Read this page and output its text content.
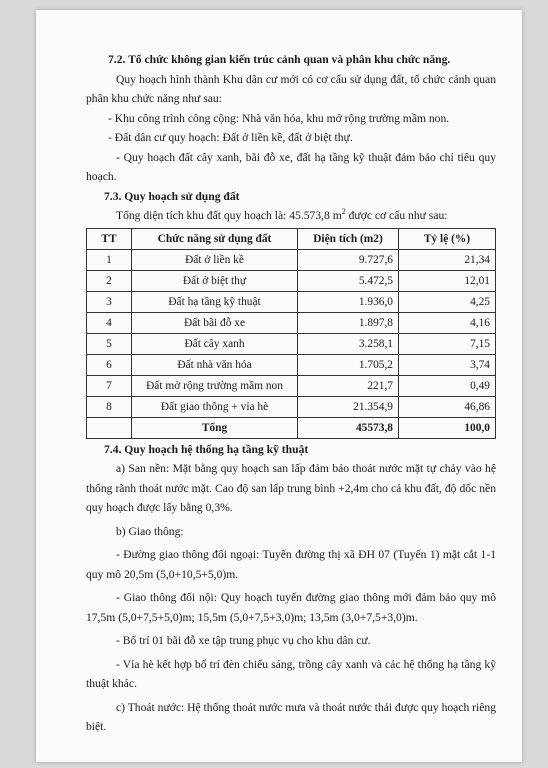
7.2. Tổ chức không gian kiến trúc cảnh quan và phân khu chức năng.

Quy hoạch hình thành Khu dân cư mới có cơ cấu sử dụng đất, tổ chức cảnh quan phân khu chức năng như sau:

- Khu công trình công cộng: Nhà văn hóa, khu mở rộng trường mầm non.

- Đất dân cư quy hoạch: Đất ở liền kề, đất ở biệt thự.

- Quy hoạch đất cây xanh, bãi đỗ xe, đất hạ tầng kỹ thuật đảm bảo chỉ tiêu quy hoạch.

7.3. Quy hoạch sử dụng đất

Tổng diện tích khu đất quy hoạch là: 45.573,8 $m^2$ được cơ cấu như sau:

TT	Chức năng sử dụng đất	Diện tích (m2)	Tỷ lệ (%)
1	Đất ở liền kề	9.727,6	21,34
2	Đất ở biệt thự	5.472,5	12,01
3	Đất hạ tầng kỹ thuật	1.936,0	4,25
4	Đất bãi đỗ xe	1.897,8	4,16
5	Đất cây xanh	3.258,1	7,15
6	Đất nhà văn hóa	1.705,2	3,74
7	Đất mở rộng trường mầm non	221,7	0,49
8	Đất giao thông + vỉa hè	21.354,9	46,86
	Tổng	45573,8	100,0

7.4. Quy hoạch hệ thống hạ tầng kỹ thuật

a) San nền: Mặt bằng quy hoạch san lấp đảm bảo thoát nước mặt tự chảy vào hệ thống rãnh thoát nước mặt. Cao độ san lấp trung bình +2,4m cho cả khu đất, độ dốc nền quy hoạch được lấy bằng 0,3%.

b) Giao thông:

- Đường giao thông đối ngoại: Tuyến đường thị xã ĐH 07 (Tuyến 1) mặt cắt 1-1 quy mô 20,5m (5,0+10,5+5,0)m.

- Giao thông đối nội: Quy hoạch tuyến đường giao thông mới đảm bảo quy mô 17,5m (5,0+7,5+5,0)m; 15,5m (5,0+7,5+3,0)m; 13,5m (3,0+7,5+3,0)m.

- Bố trí 01 bãi đỗ xe tập trung phục vụ cho khu dân cư.

- Vỉa hè kết hợp bố trí đèn chiếu sáng, trồng cây xanh và các hệ thống hạ tầng kỹ thuật khác.

c) Thoát nước: Hệ thống thoát nước mưa và thoát nước thải được quy hoạch riêng biệt.
